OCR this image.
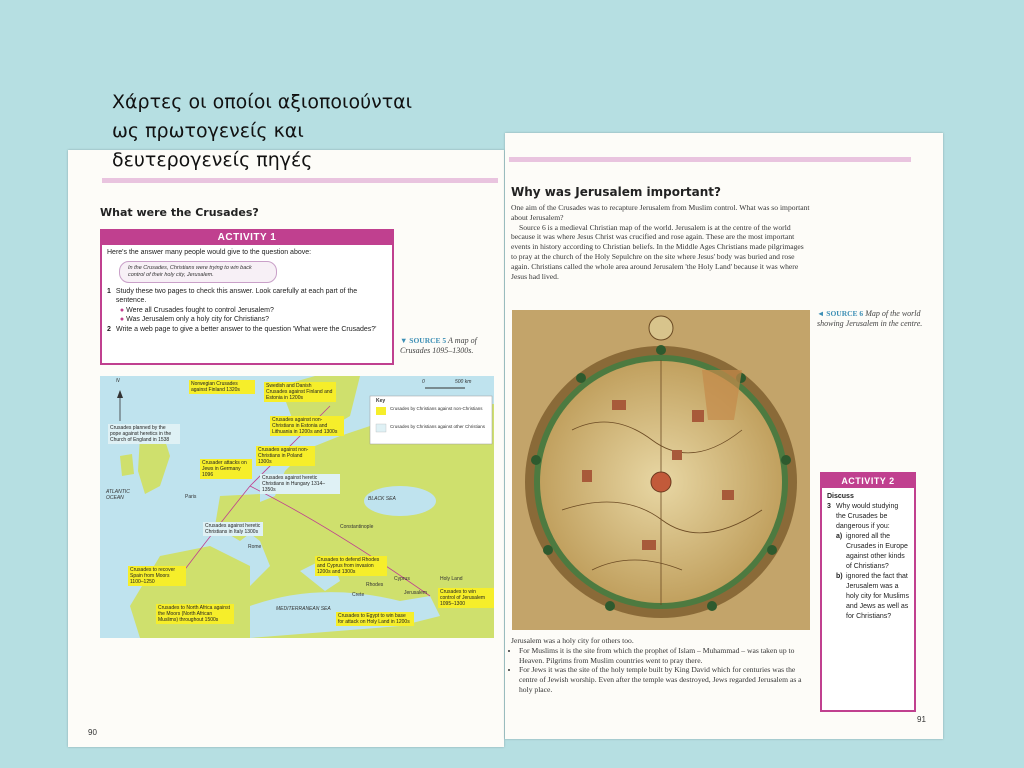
Χάρτες οι οποίοι αξιοποιούνται
ως πρωτογενείς και
δευτερογενείς πηγές
What were the Crusades?
ACTIVITY 1
Here's the answer many people would give to the question above:
In the Crusades, Christians were trying to win back control of their holy city, Jerusalem.
1 Study these two pages to check this answer. Look carefully at each part of the sentence.
● Were all Crusades fought to control Jerusalem?
● Was Jerusalem only a holy city for Christians?
2 Write a web page to give a better answer to the question 'What were the Crusades?'
▼ SOURCE 5 A map of Crusades 1095–1300s.
N	0	500 km
Key
Crusades by Christians against non-Christians
Crusades by Christians against other Christians
Norwegian Crusades against Finland 1320s
Swedish and Danish Crusades against Finland and Estonia in 1200s
Crusades planned by the pope against heretics in the Church of England in 1538
Crusades against non-Christians in Estonia and Lithuania in 1200s and 1300s
Crusades against non-Christians in Poland 1300s
Crusader attacks on Jews in Germany 1096	Crusades against heretic Christians in Hungary 1314–1350s
Crusades against heretic Christians in Italy 1300s
Crusades to recover Spain from Moors 1100–1250
Crusades to defend Rhodes and Cyprus from invasion 1200s and 1300s
Crusades to win control of Jerusalem 1095–1300
Crusades to North Africa against the Moors (North African Muslims) throughout 1500s
Crusades to Egypt to win base for attack on Holy Land in 1200s
ATLANTIC OCEAN	BLACK SEA
MEDITERRANEAN SEA
Paris
Rome
Constantinople
Rhodes
Cyprus
Crete	Jerusalem
Holy Land
90
Why was Jerusalem important?

One aim of the Crusades was to recapture Jerusalem from Muslim control. What was so important about Jerusalem?

Source 6 is a medieval Christian map of the world. Jerusalem is at the centre of the world because it was where Jesus Christ was crucified and rose again. These are the most important events in history according to Christian beliefs. In the Middle Ages Christians made pilgrimages to pray at the church of the Holy Sepulchre on the site where Jesus' body was buried and rose again. Christians called the whole area around Jerusalem 'the Holy Land' because it was where Jesus had lived.

◄ SOURCE 6 Map of the world showing Jerusalem in the centre.
ACTIVITY 2
Discuss
3 Why would studying the Crusades be dangerous if you:
a) ignored all the Crusades in Europe against other kinds of Christians?
b) ignored the fact that Jerusalem was a holy city for Muslims and Jews as well as for Christians?

Jerusalem was a holy city for others too.

• For Muslims it is the site from which the prophet of Islam – Muhammad – was taken up to Heaven. Pilgrims from Muslim countries went to pray there.
• For Jews it was the site of the holy temple built by King David which for centuries was the centre of Jewish worship. Even after the temple was destroyed, Jews regarded Jerusalem as a holy place.
91
